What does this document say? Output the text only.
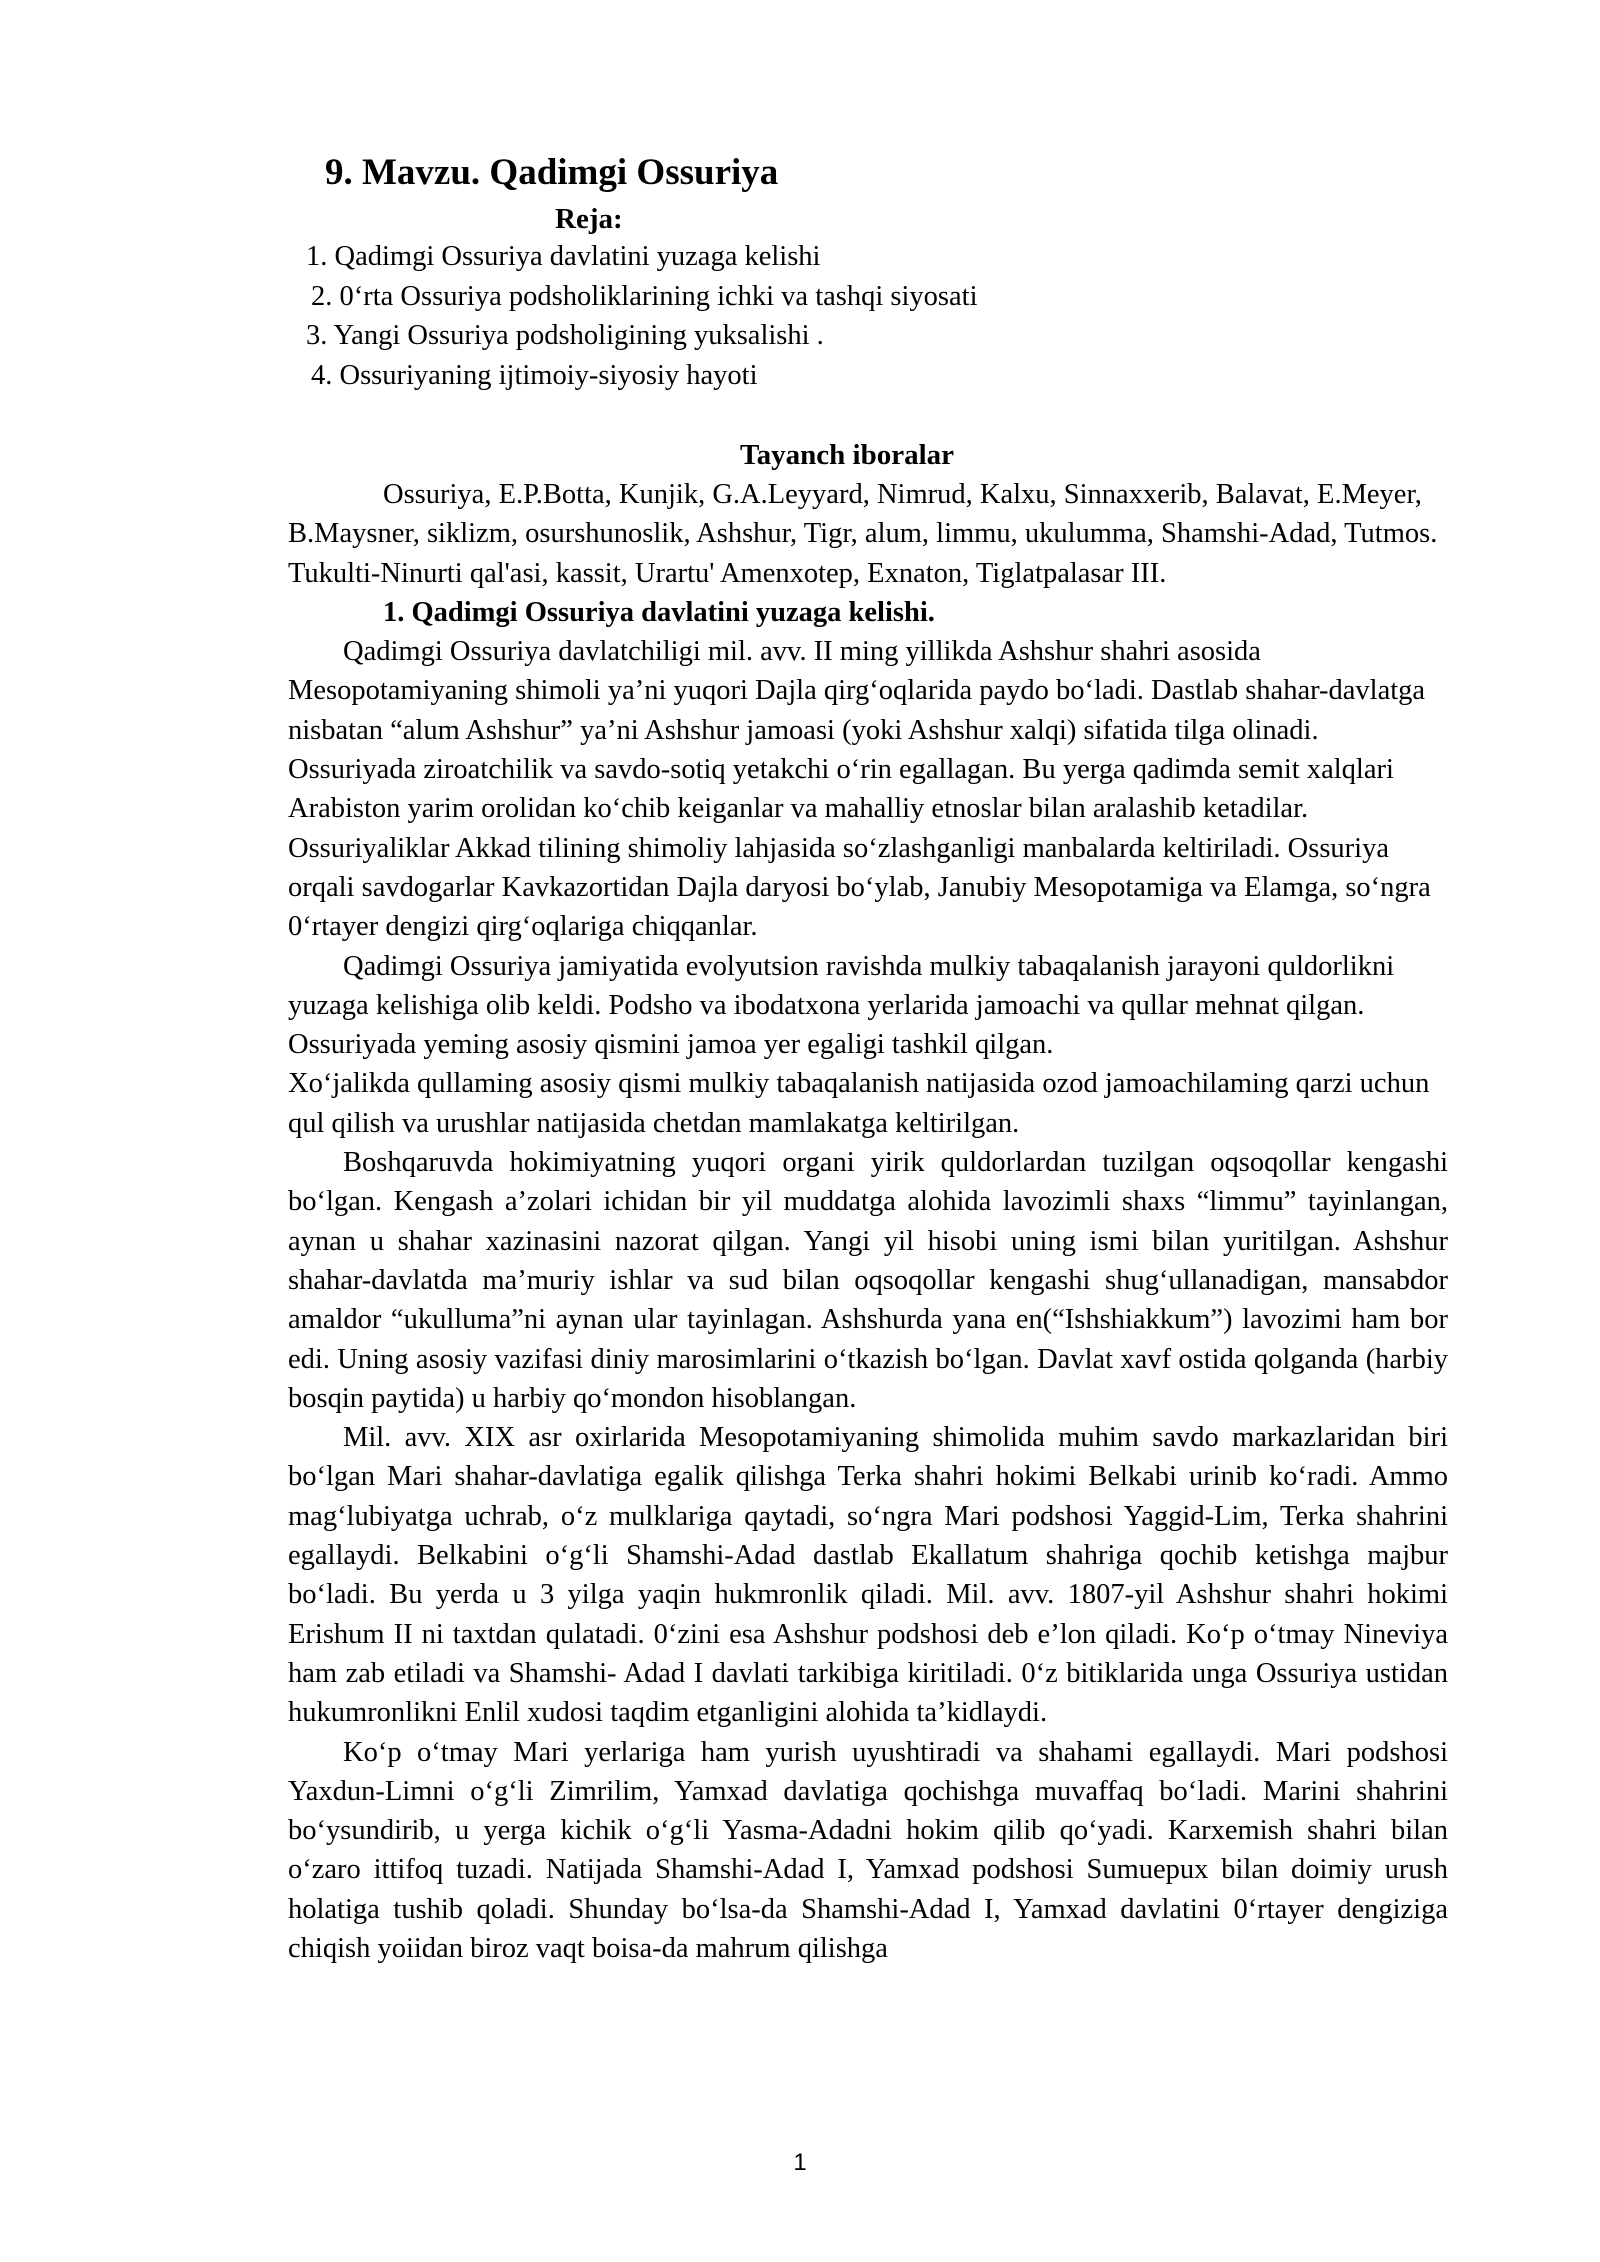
9. Mavzu. Qadimgi Ossuriya
Reja:
1. Qadimgi Ossuriya davlatini yuzaga kelishi
2. 0‘rta Ossuriya podsholiklarining ichki va tashqi siyosati
3. Yangi Ossuriya podsholigining yuksalishi .
4. Ossuriyaning ijtimoiy-siyosiy hayoti
Tayanch iboralar

Ossuriya, E.P.Botta, Kunjik, G.A.Leyyard, Nimrud, Kalxu, Sinnaxxerib, Balavat, E.Meyer, B.Maysner, siklizm, osurshunoslik, Ashshur, Tigr, alum, limmu, ukulumma, Shamshi-Adad, Tutmos. Tukulti-Ninurti qal'asi, kassit, Urartu' Amenxotep, Exnaton, Tiglatpalasar III.

1. Qadimgi Ossuriya davlatini yuzaga kelishi.

Qadimgi Ossuriya davlatchiligi mil. avv. II ming yillikda Ashshur shahri asosida Mesopotamiyaning shimoli ya’ni yuqori Dajla qirg‘oqlarida paydo bo‘ladi. Dastlab shahar-davlatga nisbatan “alum Ashshur” ya’ni Ashshur jamoasi (yoki Ashshur xalqi) sifatida tilga olinadi. Ossuriyada ziroatchilik va savdo-sotiq yetakchi o‘rin egallagan. Bu yerga qadimda semit xalqlari Arabiston yarim orolidan ko‘chib keiganlar va mahalliy etnoslar bilan aralashib ketadilar. Ossuriyaliklar Akkad tilining shimoliy lahjasida so‘zlashganligi manbalarda keltiriladi. Ossuriya orqali savdogarlar Kavkazortidan Dajla daryosi bo‘ylab, Janubiy Mesopotamiga va Elamga, so‘ngra 0‘rtayer dengizi qirg‘oqlariga chiqqanlar.

Qadimgi Ossuriya jamiyatida evolyutsion ravishda mulkiy tabaqalanish jarayoni quldorlikni yuzaga kelishiga olib keldi. Podsho va ibodatxona yerlarida jamoachi va qullar mehnat qilgan. Ossuriyada yeming asosiy qismini jamoa yer egaligi tashkil qilgan.

Xo‘jalikda qullaming asosiy qismi mulkiy tabaqalanish natijasida ozod jamoachilaming qarzi uchun qul qilish va urushlar natijasida chetdan mamlakatga keltirilgan.

Boshqaruvda hokimiyatning yuqori organi yirik quldorlardan tuzilgan oqsoqollar kengashi bo‘lgan. Kengash a’zolari ichidan bir yil muddatga alohida lavozimli shaxs “limmu” tayinlangan, aynan u shahar xazinasini nazorat qilgan. Yangi yil hisobi uning ismi bilan yuritilgan. Ashshur shahar-davlatda ma’muriy ishlar va sud bilan oqsoqollar kengashi shug‘ullanadigan, mansabdor amaldor “ukulluma”ni aynan ular tayinlagan. Ashshurda yana en(“Ishshiakkum”) lavozimi ham bor edi. Uning asosiy vazifasi diniy marosimlarini o‘tkazish bo‘lgan. Davlat xavf ostida qolganda (harbiy bosqin paytida) u harbiy qo‘mondon hisoblangan.

Mil. avv. XIX asr oxirlarida Mesopotamiyaning shimolida muhim savdo markazlaridan biri bo‘lgan Mari shahar-davlatiga egalik qilishga Terka shahri hokimi Belkabi urinib ko‘radi. Ammo mag‘lubiyatga uchrab, o‘z mulklariga qaytadi, so‘ngra Mari podshosi Yaggid-Lim, Terka shahrini egallaydi. Belkabini o‘g‘li Shamshi-Adad dastlab Ekallatum shahriga qochib ketishga majbur bo‘ladi. Bu yerda u 3 yilga yaqin hukmronlik qiladi. Mil. avv. 1807-yil Ashshur shahri hokimi Erishum II ni taxtdan qulatadi. 0‘zini esa Ashshur podshosi deb e’lon qiladi. Ko‘p o‘tmay Nineviya ham zab etiladi va Shamshi- Adad I davlati tarkibiga kiritiladi. 0‘z bitiklarida unga Ossuriya ustidan hukumronlikni Enlil xudosi taqdim etganligini alohida ta’kidlaydi.

Ko‘p o‘tmay Mari yerlariga ham yurish uyushtiradi va shahami egallaydi. Mari podshosi Yaxdun-Limni o‘g‘li Zimrilim, Yamxad davlatiga qochishga muvaffaq bo‘ladi. Marini shahrini bo‘ysundirib, u yerga kichik o‘g‘li Yasma-Adadni hokim qilib qo‘yadi. Karxemish shahri bilan o‘zaro ittifoq tuzadi. Natijada Shamshi-Adad I, Yamxad podshosi Sumuepux bilan doimiy urush holatiga tushib qoladi. Shunday bo‘lsa-da Shamshi-Adad I, Yamxad davlatini 0‘rtayer dengiziga chiqish yoiidan biroz vaqt boisa-da mahrum qilishga

1
